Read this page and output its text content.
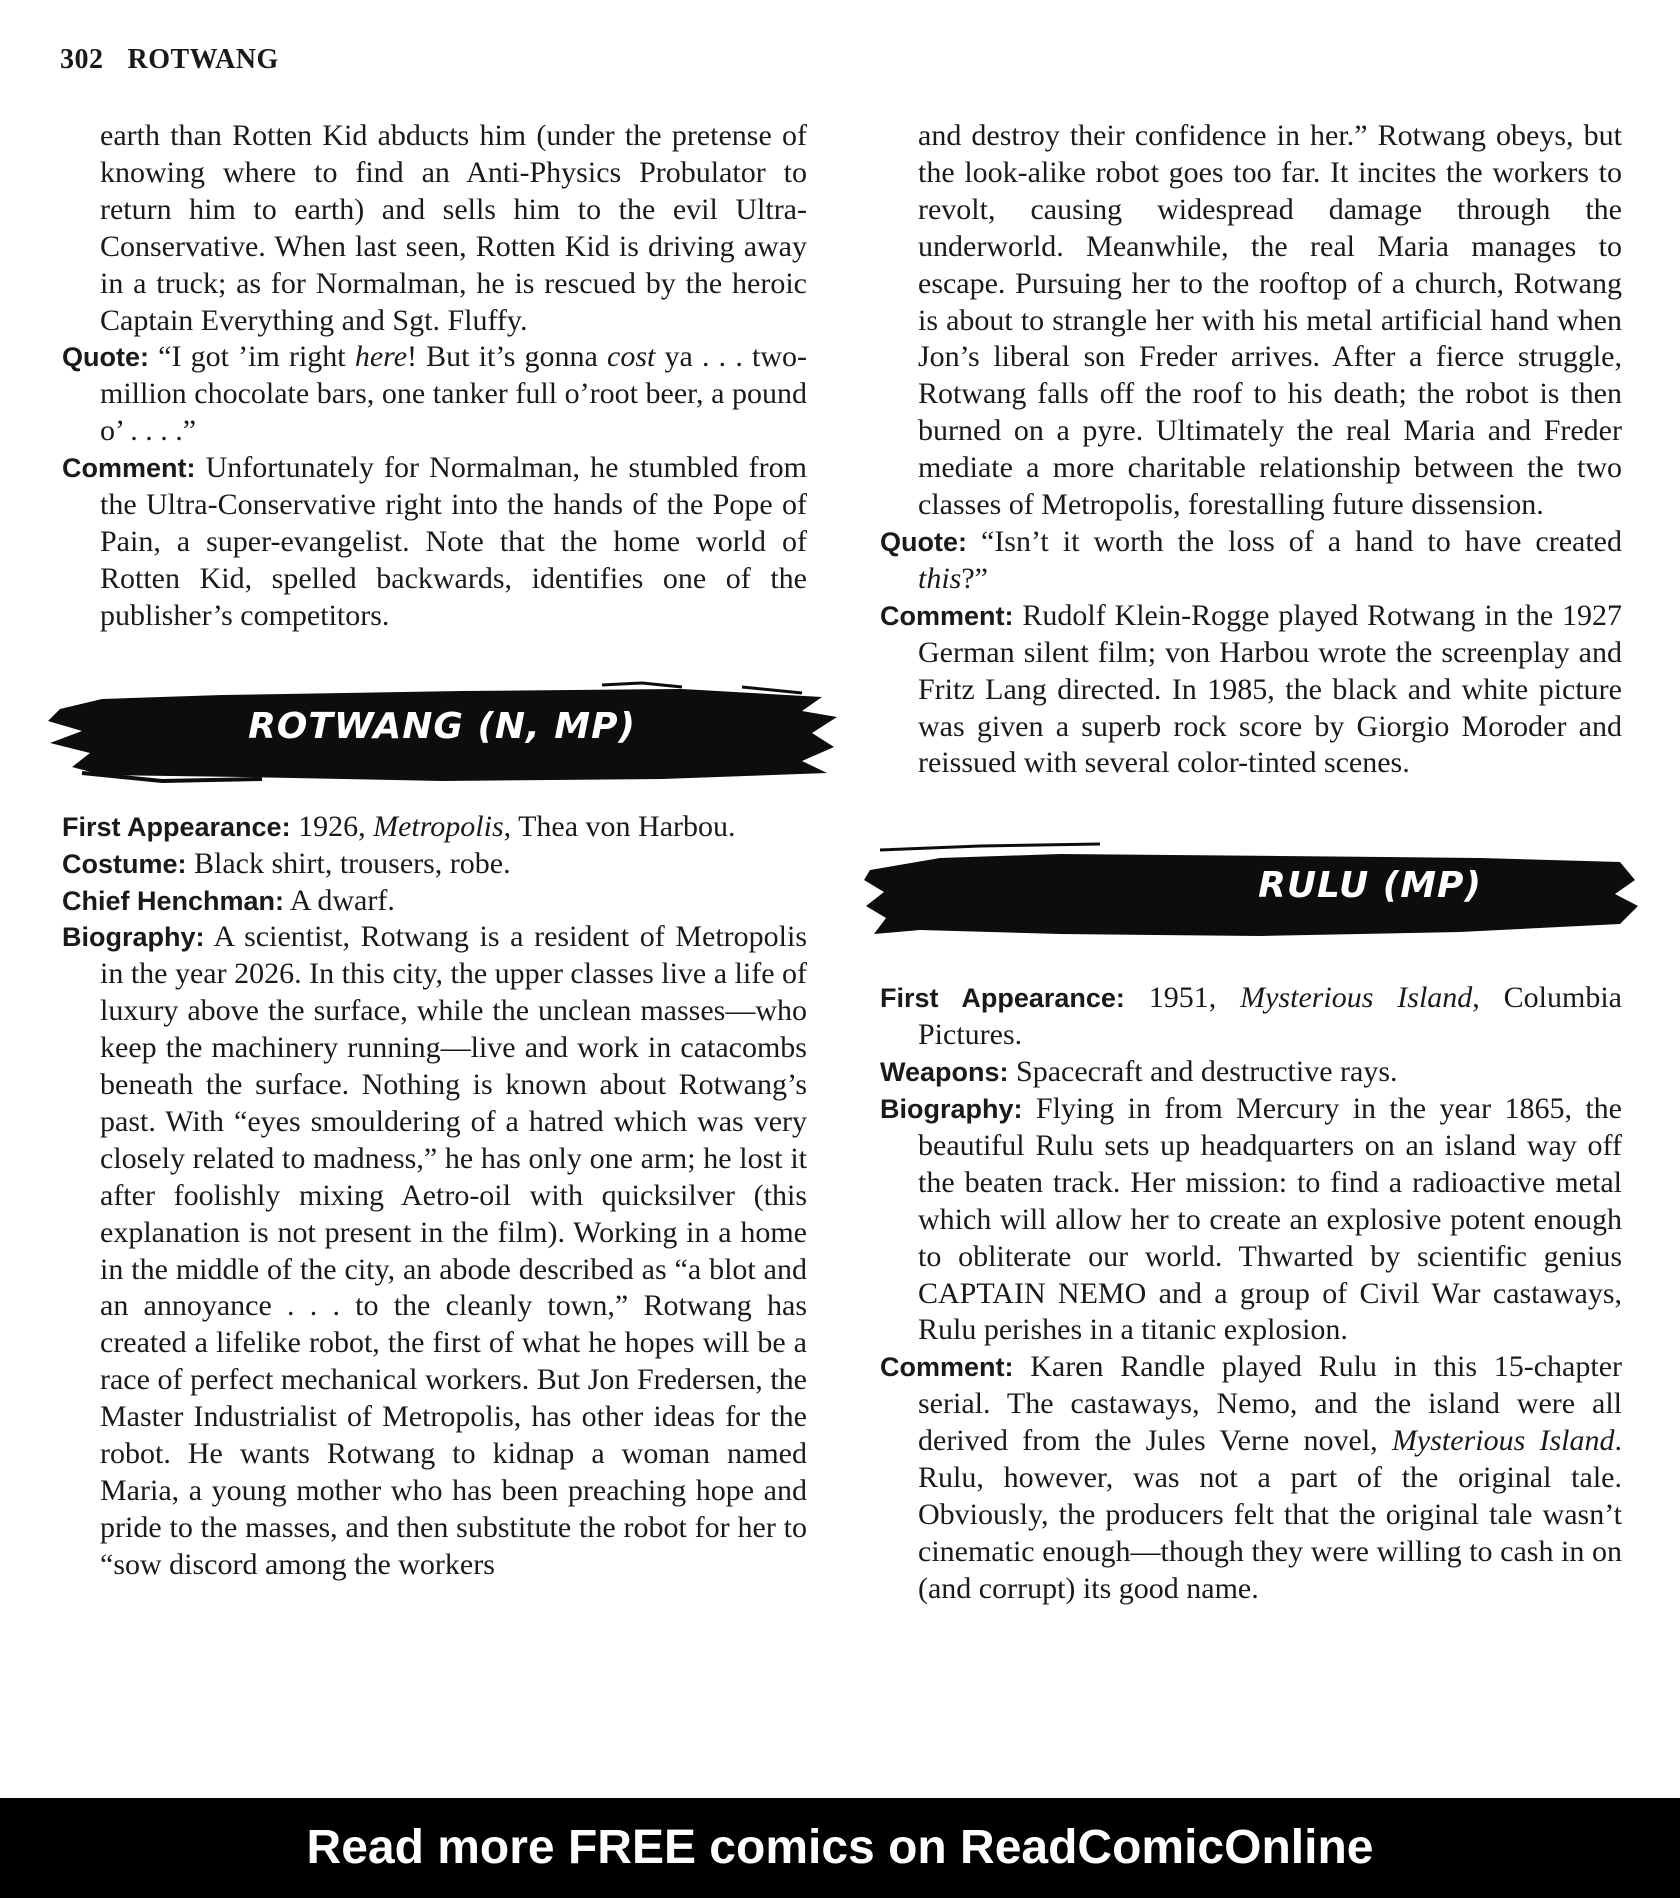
302 ROTWANG
earth than Rotten Kid abducts him (under the pretense of knowing where to find an Anti-Physics Probulator to return him to earth) and sells him to the evil Ultra-Conservative. When last seen, Rotten Kid is driving away in a truck; as for Normalman, he is rescued by the heroic Captain Everything and Sgt. Fluffy.
Quote: “I got ’im right here! But it’s gonna cost ya . . . two-million chocolate bars, one tanker full o’root beer, a pound o’ . . . .”
Comment: Unfortunately for Normalman, he stumbled from the Ultra-Conservative right into the hands of the Pope of Pain, a super-evangelist. Note that the home world of Rotten Kid, spelled backwards, identifies one of the publisher’s competitors.
ROTWANG (N, MP)
First Appearance: 1926, Metropolis, Thea von Harbou.
Costume: Black shirt, trousers, robe.
Chief Henchman: A dwarf.
Biography: A scientist, Rotwang is a resident of Metropolis in the year 2026. In this city, the upper classes live a life of luxury above the surface, while the unclean masses—who keep the machinery running—live and work in catacombs beneath the surface. Nothing is known about Rotwang’s past. With “eyes smouldering of a hatred which was very closely related to madness,” he has only one arm; he lost it after foolishly mixing Aetro-oil with quicksilver (this explanation is not present in the film). Working in a home in the middle of the city, an abode described as “a blot and an annoyance . . . to the cleanly town,” Rotwang has created a lifelike robot, the first of what he hopes will be a race of perfect mechanical workers. But Jon Fredersen, the Master Industrialist of Metropolis, has other ideas for the robot. He wants Rotwang to kidnap a woman named Maria, a young mother who has been preaching hope and pride to the masses, and then substitute the robot for her to “sow discord among the workers
and destroy their confidence in her.” Rotwang obeys, but the look-alike robot goes too far. It incites the workers to revolt, causing widespread damage through the underworld. Meanwhile, the real Maria manages to escape. Pursuing her to the rooftop of a church, Rotwang is about to strangle her with his metal artificial hand when Jon’s liberal son Freder arrives. After a fierce struggle, Rotwang falls off the roof to his death; the robot is then burned on a pyre. Ultimately the real Maria and Freder mediate a more charitable relationship between the two classes of Metropolis, forestalling future dissension.
Quote: “Isn’t it worth the loss of a hand to have created this?”
Comment: Rudolf Klein-Rogge played Rotwang in the 1927 German silent film; von Harbou wrote the screenplay and Fritz Lang directed. In 1985, the black and white picture was given a superb rock score by Giorgio Moroder and reissued with several color-tinted scenes.
RULU (MP)
First Appearance: 1951, Mysterious Island, Columbia Pictures.
Weapons: Spacecraft and destructive rays.
Biography: Flying in from Mercury in the year 1865, the beautiful Rulu sets up headquarters on an island way off the beaten track. Her mission: to find a radioactive metal which will allow her to create an explosive potent enough to obliterate our world. Thwarted by scientific genius CAPTAIN NEMO and a group of Civil War castaways, Rulu perishes in a titanic explosion.
Comment: Karen Randle played Rulu in this 15-chapter serial. The castaways, Nemo, and the island were all derived from the Jules Verne novel, Mysterious Island. Rulu, however, was not a part of the original tale. Obviously, the producers felt that the original tale wasn’t cinematic enough—though they were willing to cash in on (and corrupt) its good name.
Read more FREE comics on ReadComicOnline
